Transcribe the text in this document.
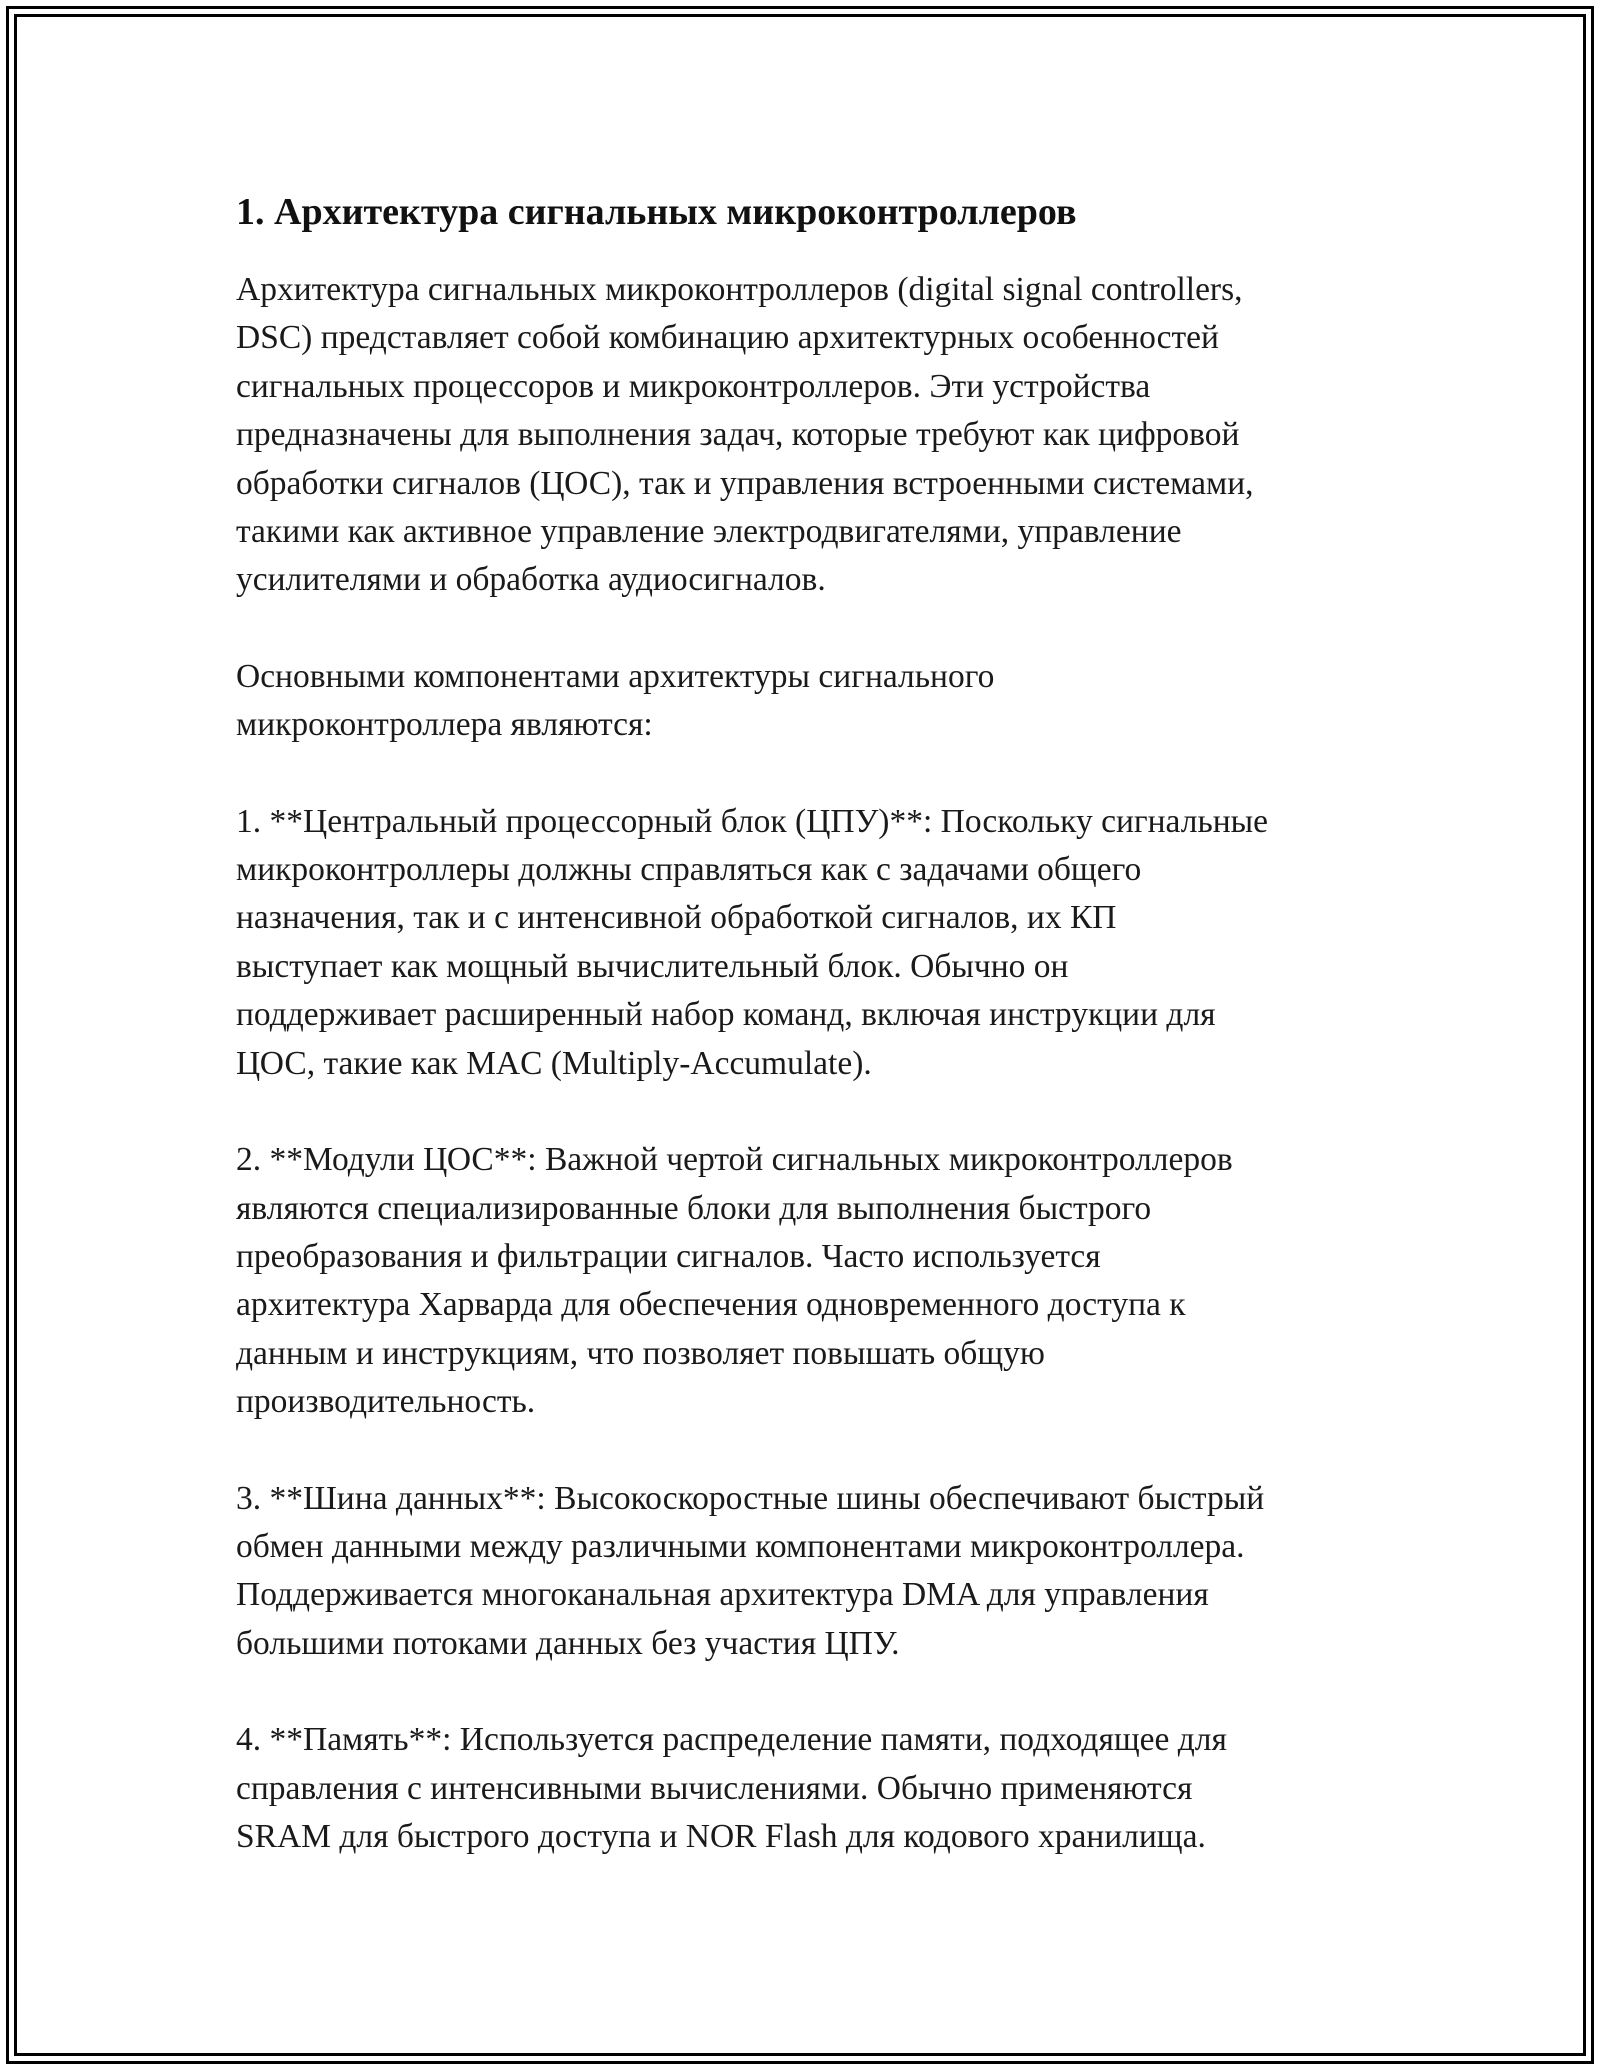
1. Архитектура сигнальных микроконтроллеров

Архитектура сигнальных микроконтроллеров (digital signal controllers,
DSC) представляет собой комбинацию архитектурных особенностей
сигнальных процессоров и микроконтроллеров. Эти устройства
предназначены для выполнения задач, которые требуют как цифровой
обработки сигналов (ЦОС), так и управления встроенными системами,
такими как активное управление электродвигателями, управление
усилителями и обработка аудиосигналов.

Основными компонентами архитектуры сигнального
микроконтроллера являются:

1. **Центральный процессорный блок (ЦПУ)**: Поскольку сигнальные
микроконтроллеры должны справляться как с задачами общего
назначения, так и с интенсивной обработкой сигналов, их КП
выступает как мощный вычислительный блок. Обычно он
поддерживает расширенный набор команд, включая инструкции для
ЦОС, такие как MAC (Multiply-Accumulate).

2. **Модули ЦОС**: Важной чертой сигнальных микроконтроллеров
являются специализированные блоки для выполнения быстрого
преобразования и фильтрации сигналов. Часто используется
архитектура Харварда для обеспечения одновременного доступа к
данным и инструкциям, что позволяет повышать общую
производительность.

3. **Шина данных**: Высокоскоростные шины обеспечивают быстрый
обмен данными между различными компонентами микроконтроллера.
Поддерживается многоканальная архитектура DMA для управления
большими потоками данных без участия ЦПУ.

4. **Память**: Используется распределение памяти, подходящее для
справления с интенсивными вычислениями. Обычно применяются
SRAM для быстрого доступа и NOR Flash для кодового хранилища.
